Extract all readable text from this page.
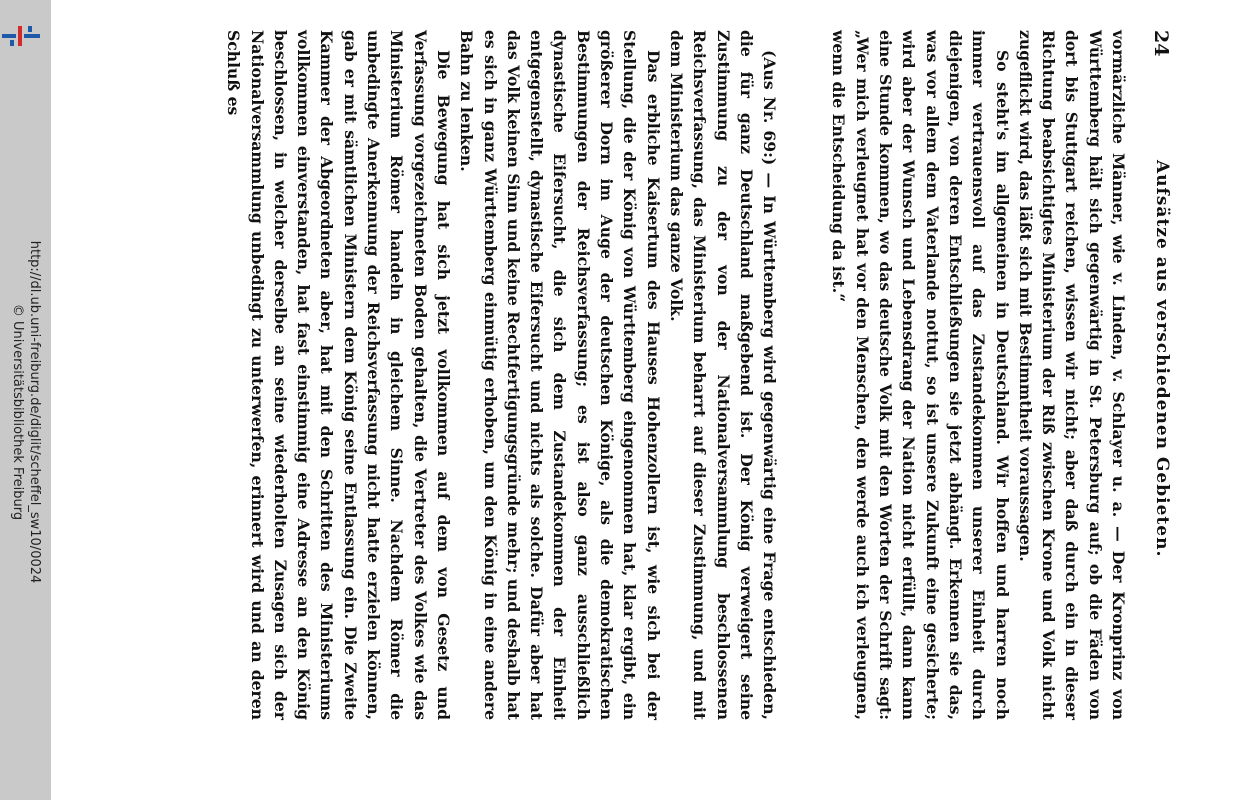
http://dl.ub.uni-freiburg.de/diglit/scheffel_sw10/0024
© Universitätsbibliothek Freiburg
24
Aufsätze aus verschiedenen Gebieten.

vormärzliche Männer, wie v. Linden, v. Schlayer u. a. — Der Kronprinz von Württemberg hält sich gegenwärtig in St. Petersburg auf; ob die Fäden von dort bis Stuttgart reichen, wissen wir nicht; aber daß durch ein in dieser Richtung beabsichtigtes Ministerium der Riß zwischen Krone und Volk nicht zugeflickt wird, das läßt sich mit Bestimmtheit voraussagen.

So steht's im allgemeinen in Deutschland. Wir hoffen und harren noch immer vertrauensvoll auf das Zustandekommen unserer Einheit durch diejenigen, von deren Entschließungen sie jetzt abhängt. Erkennen sie das, was vor allem dem Vaterlande nottut, so ist unsere Zukunft eine gesicherte; wird aber der Wunsch und Lebensdrang der Nation nicht erfüllt, dann kann eine Stunde kommen, wo das deutsche Volk mit den Worten der Schrift sagt: „Wer mich verleugnet hat vor den Menschen, den werde auch ich verleugnen, wenn die Entscheidung da ist.“

(Aus Nr. 69:) — In Württemberg wird gegenwärtig eine Frage entschieden, die für ganz Deutschland maßgebend ist. Der König verweigert seine Zustimmung zu der von der Nationalversammlung beschlossenen Reichsverfassung, das Ministerium beharrt auf dieser Zustimmung, und mit dem Ministerium das ganze Volk.

Das erbliche Kaisertum des Hauses Hohenzollern ist, wie sich bei der Stellung, die der König von Württemberg eingenommen hat, klar ergibt, ein größerer Dorn im Auge der deutschen Könige, als die demokratischen Bestimmungen der Reichsverfassung; es ist also ganz ausschließlich dynastische Eifersucht, die sich dem Zustandekommen der Einheit entgegenstellt, dynastische Eifersucht und nichts als solche. Dafür aber hat das Volk keinen Sinn und keine Rechtfertigungsgründe mehr; und deshalb hat es sich in ganz Württemberg einmütig erhoben, um den König in eine andere Bahn zu lenken.

Die Bewegung hat sich jetzt vollkommen auf dem von Gesetz und Verfassung vorgezeichneten Boden gehalten, die Vertreter des Volkes wie das Ministerium Römer handeln in gleichem Sinne. Nachdem Römer die unbedingte Anerkennung der Reichsverfassung nicht hatte erzielen können, gab er mit sämtlichen Ministern dem König seine Entlassung ein. Die Zweite Kammer der Abgeordneten aber, hat mit den Schritten des Ministeriums vollkommen einverstanden, hat fast einstimmig eine Adresse an den König beschlossen, in welcher derselbe an seine wiederholten Zusagen sich der Nationalversammlung unbedingt zu unterwerfen, erinnert wird und an deren Schluß es
